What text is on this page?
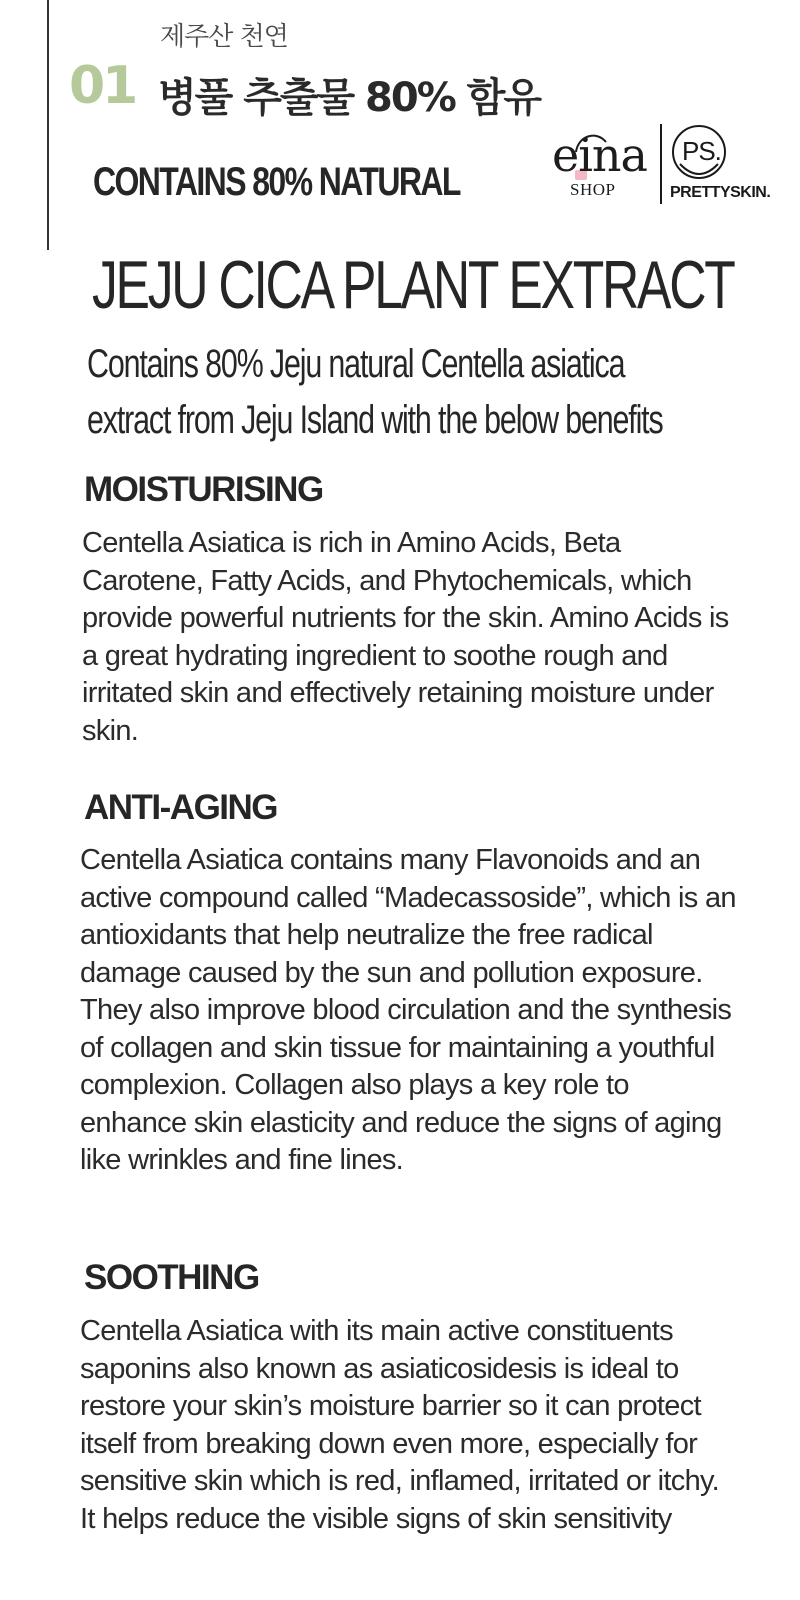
제주산 천연
01 병풀 추출물 80% 함유
CONTAINS 80% NATURAL eina
SHOP
PS.
PRETTYSKIN.
JEJU CICA PLANT EXTRACT
Contains 80% Jeju natural Centella asiatica extract from Jeju Island with the below benefits
MOISTURISING
Centella Asiatica is rich in Amino Acids, Beta Carotene, Fatty Acids, and Phytochemicals, which provide powerful nutrients for the skin. Amino Acids is a great hydrating ingredient to soothe rough and irritated skin and effectively retaining moisture under skin.
ANTI-AGING
Centella Asiatica contains many Flavonoids and an active compound called “Madecassoside”, which is an antioxidants that help neutralize the free radical damage caused by the sun and pollution exposure. They also improve blood circulation and the synthesis of collagen and skin tissue for maintaining a youthful complexion. Collagen also plays a key role to enhance skin elasticity and reduce the signs of aging like wrinkles and fine lines.
SOOTHING
Centella Asiatica with its main active constituents saponins also known as asiaticosidesis is ideal to restore your skin’s moisture barrier so it can protect itself from breaking down even more, especially for sensitive skin which is red, inflamed, irritated or itchy. It helps reduce the visible signs of skin sensitivity
